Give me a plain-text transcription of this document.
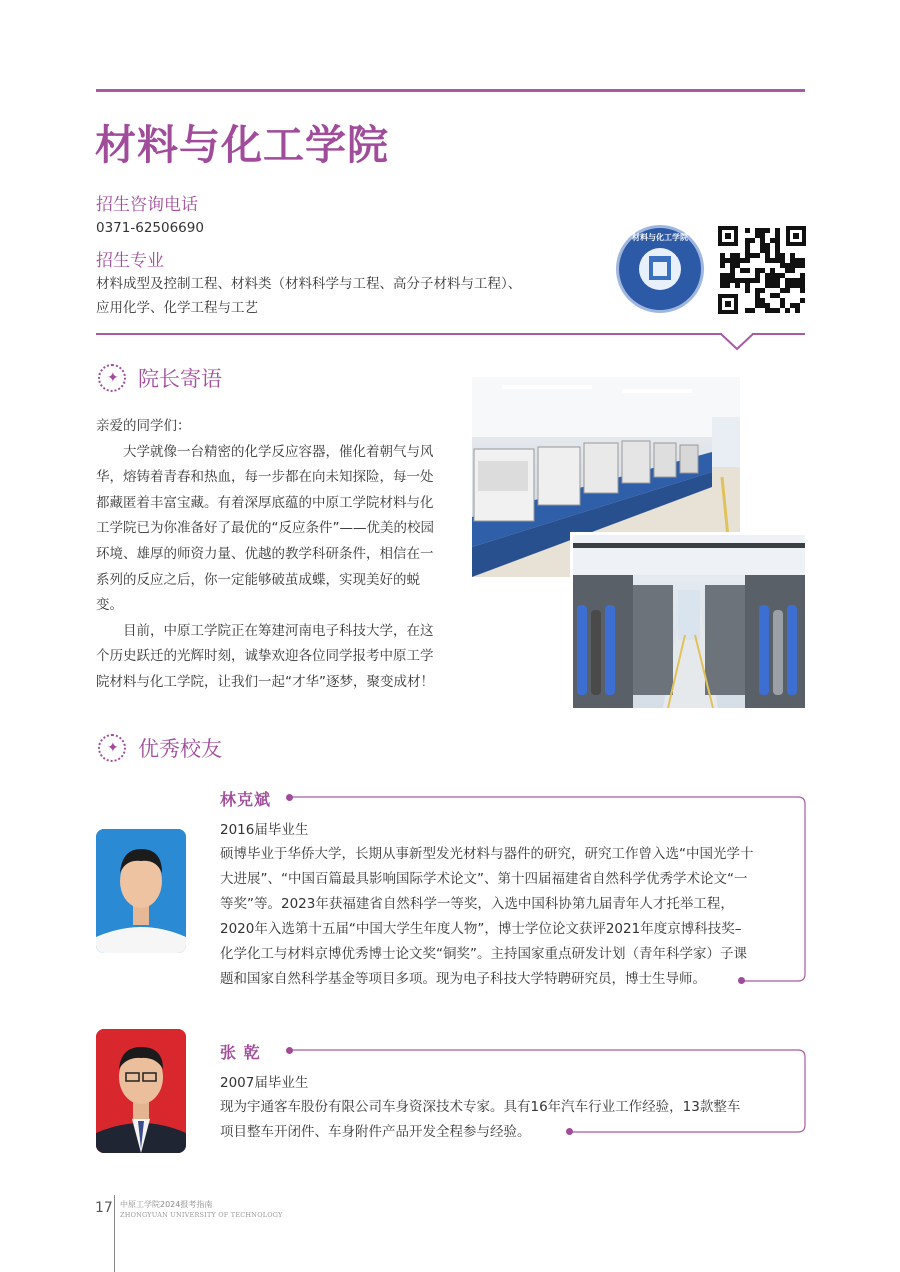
材料与化工学院
招生咨询电话
0371-62506690
招生专业
材料成型及控制工程、材料类（材料科学与工程、高分子材料与工程）、
应用化学、化学工程与工艺
材料与化工学院
✦ 院长寄语

亲爱的同学们：

大学就像一台精密的化学反应容器，催化着朝气与风华，熔铸着青春和热血，每一步都在向未知探险，每一处都藏匿着丰富宝藏。有着深厚底蕴的中原工学院材料与化工学院已为你准备好了最优的“反应条件”——优美的校园环境、雄厚的师资力量、优越的教学科研条件，相信在一系列的反应之后，你一定能够破茧成蝶，实现美好的蜕变。

目前，中原工学院正在筹建河南电子科技大学，在这个历史跃迁的光辉时刻，诚挚欢迎各位同学报考中原工学院材料与化工学院，让我们一起“才华”逐梦，聚变成材！

✦ 优秀校友
林克斌
2016届毕业生
硕博毕业于华侨大学，长期从事新型发光材料与器件的研究，研究工作曾入选“中国光学十
大进展”、“中国百篇最具影响国际学术论文”、第十四届福建省自然科学优秀学术论文“一
等奖”等。2023年获福建省自然科学一等奖，入选中国科协第九届青年人才托举工程，
2020年入选第十五届“中国大学生年度人物”，博士学位论文获评2021年度京博科技奖–
化学化工与材料京博优秀博士论文奖“铜奖”。主持国家重点研发计划（青年科学家）子课
题和国家自然科学基金等项目多项。现为电子科技大学特聘研究员，博士生导师。
张 乾
2007届毕业生
现为宇通客车股份有限公司车身资深技术专家。具有16年汽车行业工作经验，13款整车
项目整车开闭件、车身附件产品开发全程参与经验。
17 中原工学院2024报考指南
ZHONGYUAN UNIVERSITY OF TECHNOLOGY
